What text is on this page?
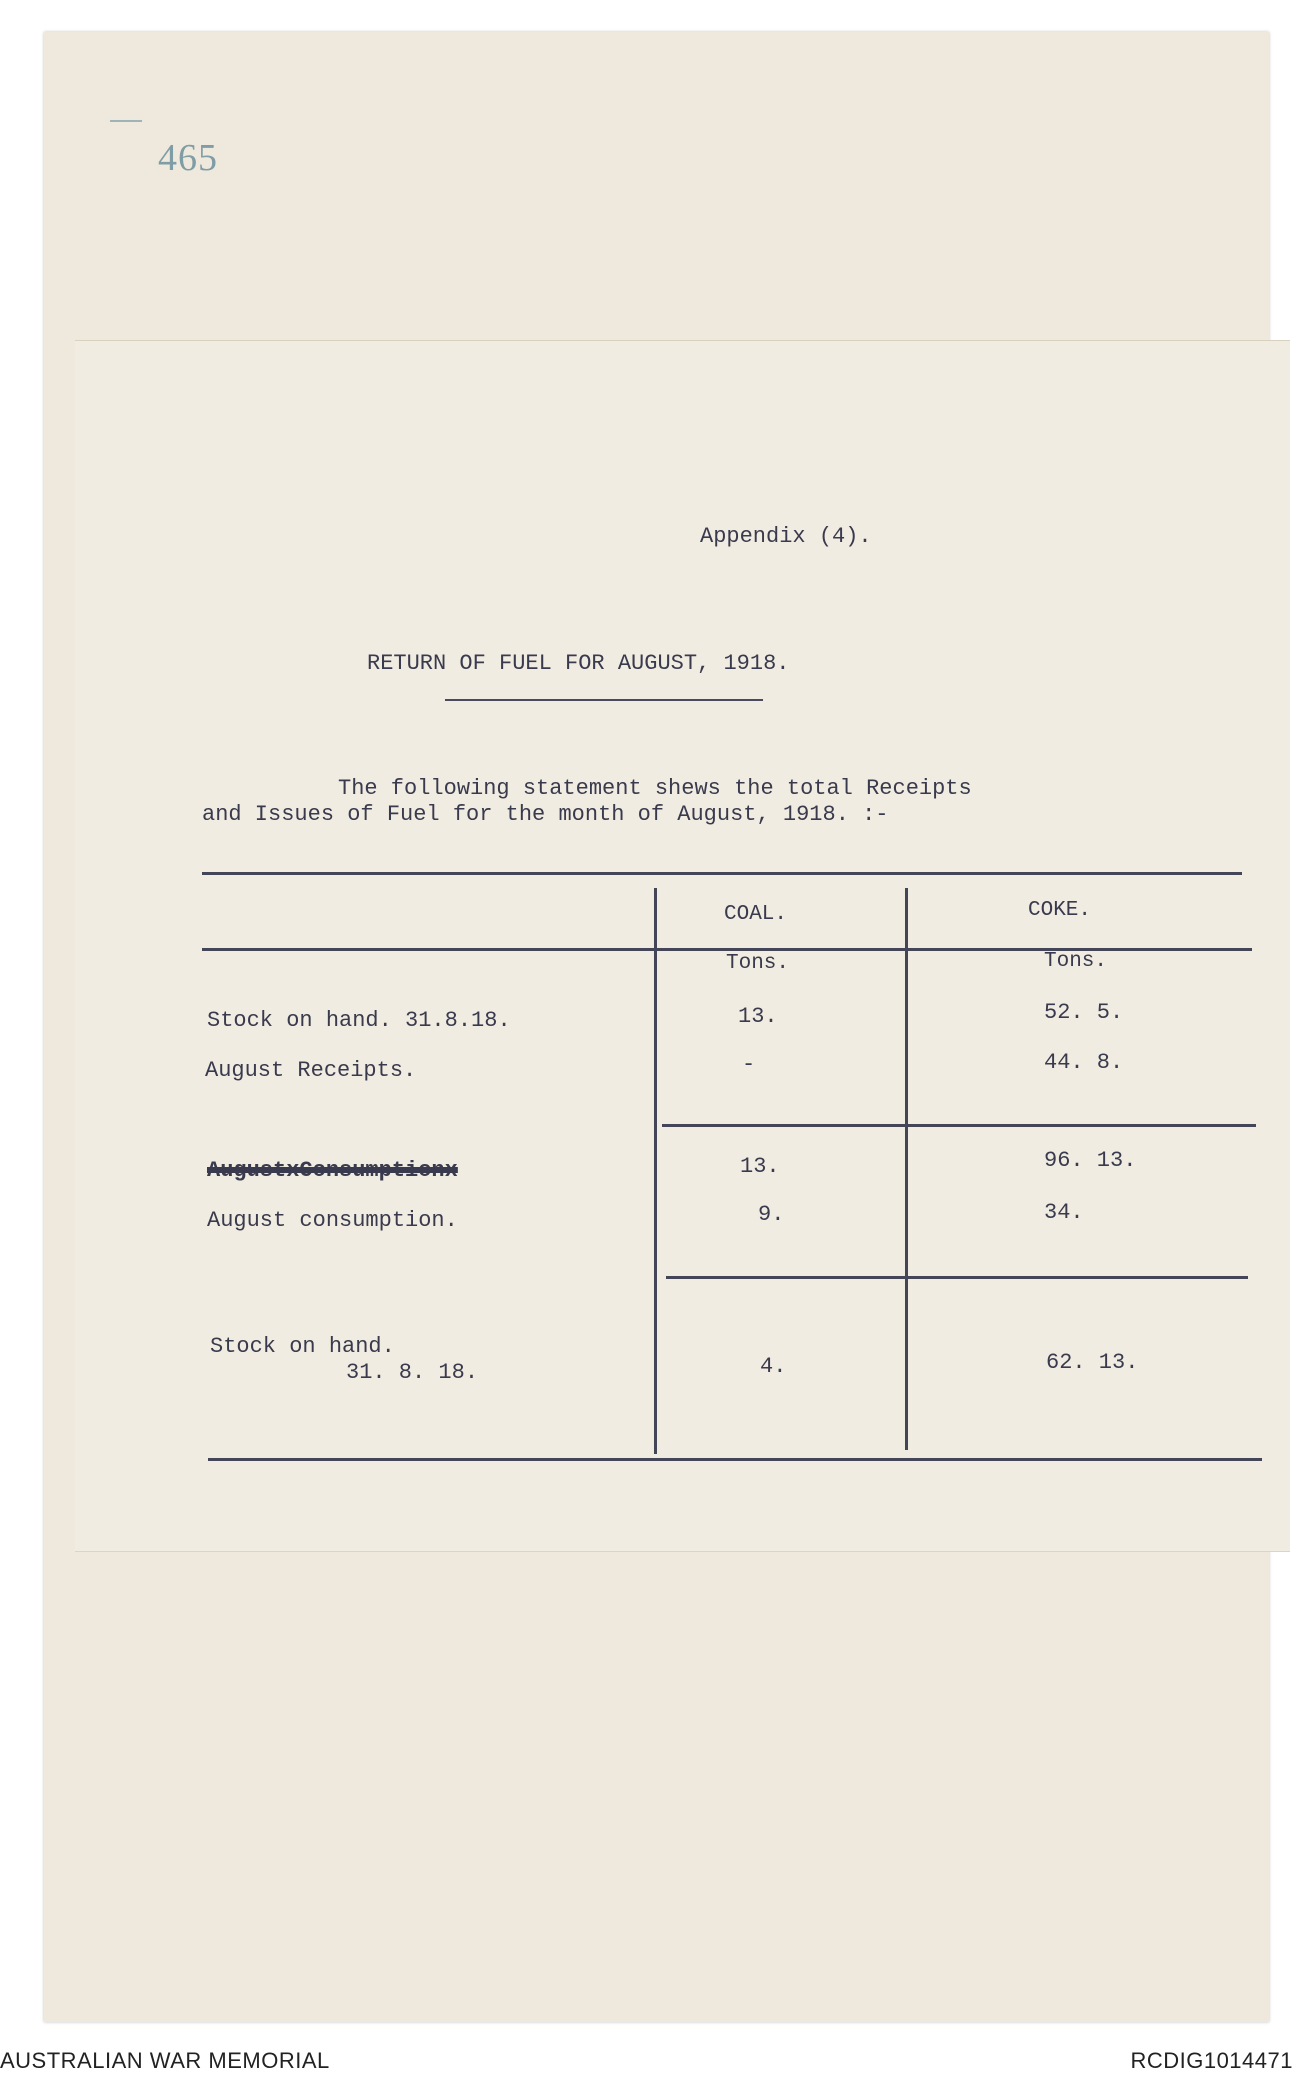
465
Appendix (4).
RETURN OF FUEL FOR AUGUST, 1918.
The following statement shews the total Receipts
and Issues of Fuel for the month of August, 1918. :-
COAL.	COKE.
Tons.	Tons.
Stock on hand. 31.8.18.	13.	52. 5.
August Receipts.	-	44. 8.
AugustxConsumptionx	13.	96. 13.
August consumption.	9.	34.
Stock on hand.
31. 8. 18.	4.	62. 13.
AUSTRALIAN WAR MEMORIAL	RCDIG1014471
